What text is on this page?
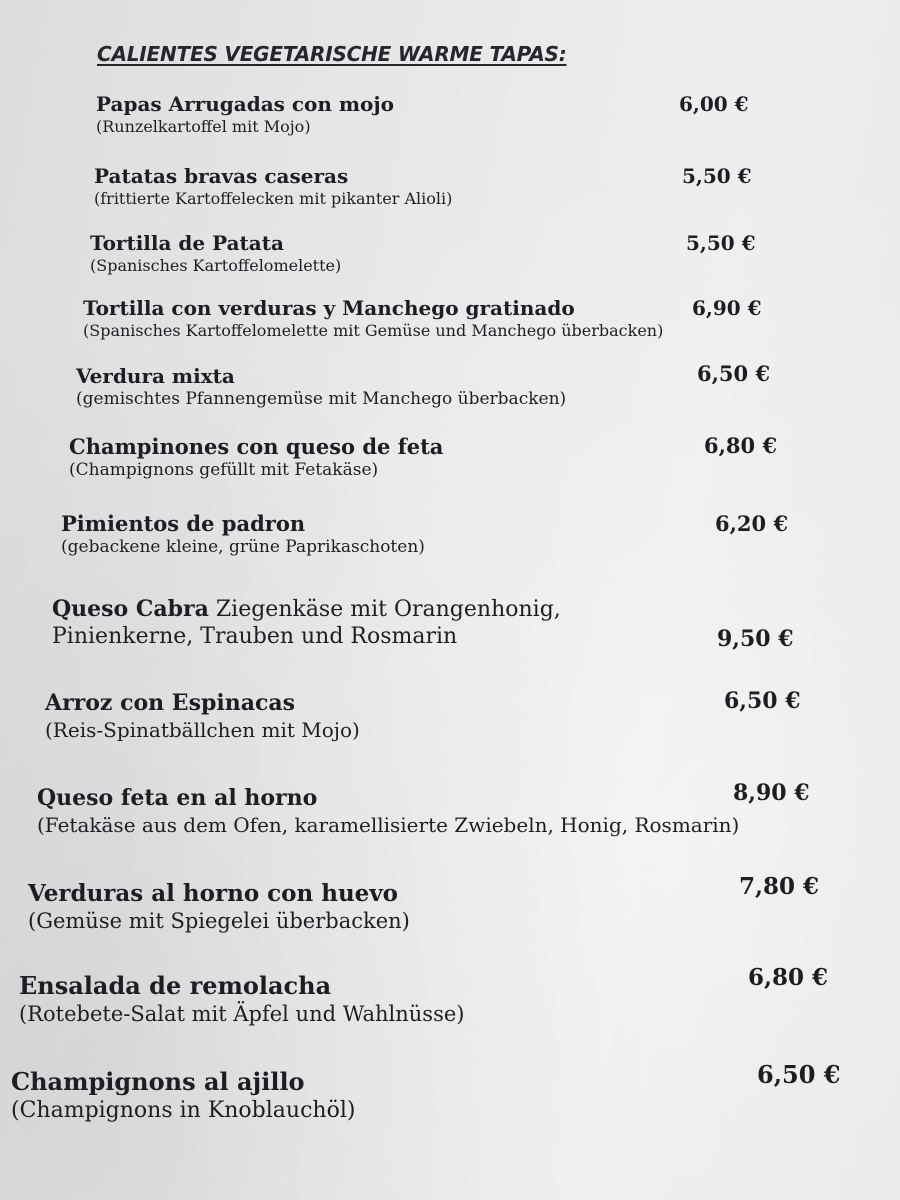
CALIENTES VEGETARISCHE WARME TAPAS:
Papas Arrugadas con mojo
(Runzelkartoffel mit Mojo)
6,00 €
Patatas bravas caseras
(frittierte Kartoffelecken mit pikanter Alioli)
5,50 €
Tortilla de Patata
(Spanisches Kartoffelomelette)
5,50 €
Tortilla con verduras y Manchego gratinado
(Spanisches Kartoffelomelette mit Gemüse und Manchego überbacken)
6,90 €
Verdura mixta
(gemischtes Pfannengemüse mit Manchego überbacken)
6,50 €
Champinones con queso de feta
(Champignons gefüllt mit Fetakäse)
6,80 €
Pimientos de padron
(gebackene kleine, grüne Paprikaschoten)
6,20 €
Queso Cabra Ziegenkäse mit Orangenhonig,
Pinienkerne, Trauben und Rosmarin	9,50 €
Arroz con Espinacas
(Reis-Spinatbällchen mit Mojo)
6,50 €
Queso feta en al horno
(Fetakäse aus dem Ofen, karamellisierte Zwiebeln, Honig, Rosmarin)
8,90 €
Verduras al horno con huevo
(Gemüse mit Spiegelei überbacken)
7,80 €
Ensalada de remolacha
(Rotebete-Salat mit Äpfel und Wahlnüsse)
6,80 €
Champignons al ajillo
(Champignons in Knoblauchöl)
6,50 €
